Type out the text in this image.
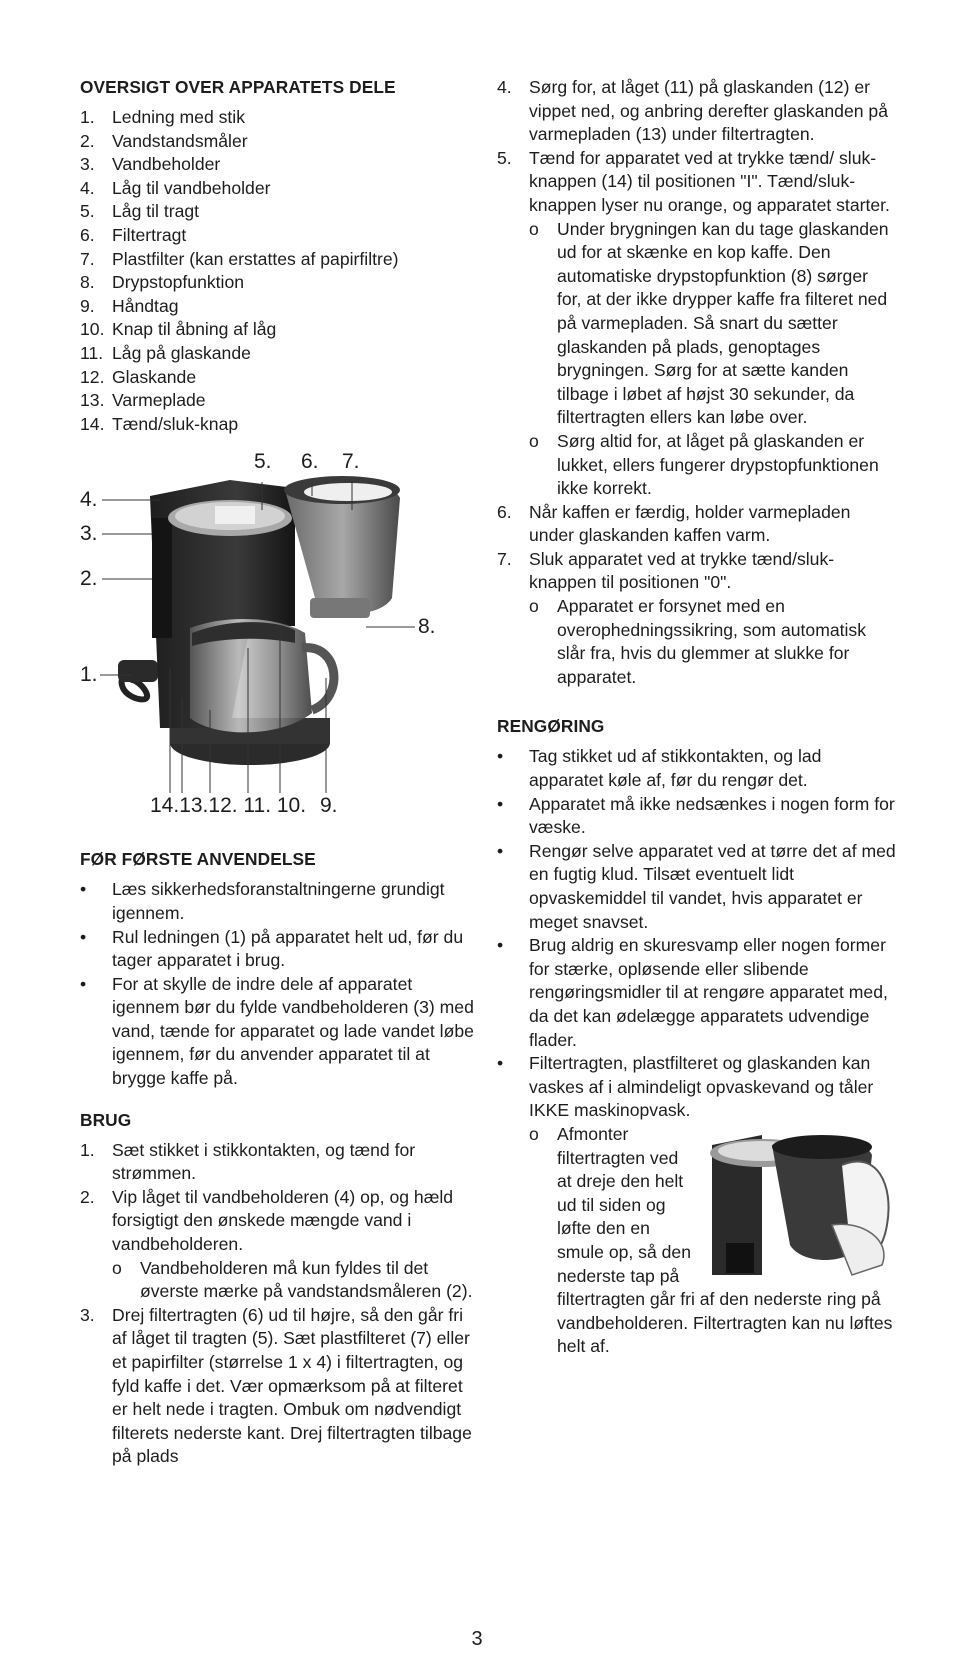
OVERSIGT OVER APPARATETS DELE
1. Ledning med stik
2. Vandstandsmåler
3. Vandbeholder
4. Låg til vandbeholder
5. Låg til tragt
6. Filtertragt
7. Plastfilter (kan erstattes af papirfiltre)
8. Drypstopfunktion
9. Håndtag
10. Knap til åbning af låg
11. Låg på glaskande
12. Glaskande
13. Varmeplade
14. Tænd/sluk-knap
5. 6. 7.
4.
3.
2.
8.
1.
14.13.12. 11. 10. 9.
FØR FØRSTE ANVENDELSE
• Læs sikkerhedsforanstaltningerne grundigt igennem.
• Rul ledningen (1) på apparatet helt ud, før du tager apparatet i brug.
• For at skylle de indre dele af apparatet igennem bør du fylde vandbeholderen (3) med vand, tænde for apparatet og lade vandet løbe igennem, før du anvender apparatet til at brygge kaffe på.
BRUG
1. Sæt stikket i stikkontakten, og tænd for strømmen.
2. Vip låget til vandbeholderen (4) op, og hæld forsigtigt den ønskede mængde vand i vandbeholderen.
o Vandbeholderen må kun fyldes til det øverste mærke på vandstandsmåleren (2).
3. Drej filtertragten (6) ud til højre, så den går fri af låget til tragten (5). Sæt plastfilteret (7) eller et papirfilter (størrelse 1 x 4) i filtertragten, og fyld kaffe i det. Vær opmærksom på at filteret er helt nede i tragten. Ombuk om nødvendigt filterets nederste kant. Drej filtertragten tilbage på plads
4. Sørg for, at låget (11) på glaskanden (12) er vippet ned, og anbring derefter glaskanden på varmepladen (13) under filtertragten.
5. Tænd for apparatet ved at trykke tænd/ sluk-knappen (14) til positionen "I". Tænd/sluk-knappen lyser nu orange, og apparatet starter.
o Under brygningen kan du tage glaskanden ud for at skænke en kop kaffe. Den automatiske drypstopfunktion (8) sørger for, at der ikke drypper kaffe fra filteret ned på varmepladen. Så snart du sætter glaskanden på plads, genoptages brygningen. Sørg for at sætte kanden tilbage i løbet af højst 30 sekunder, da filtertragten ellers kan løbe over.
o Sørg altid for, at låget på glaskanden er lukket, ellers fungerer drypstopfunktionen ikke korrekt.
6. Når kaffen er færdig, holder varmepladen under glaskanden kaffen varm.
7. Sluk apparatet ved at trykke tænd/sluk-knappen til positionen "0".
o Apparatet er forsynet med en overophedningssikring, som automatisk slår fra, hvis du glemmer at slukke for apparatet.
RENGØRING
• Tag stikket ud af stikkontakten, og lad apparatet køle af, før du rengør det.
• Apparatet må ikke nedsænkes i nogen form for væske.
• Rengør selve apparatet ved at tørre det af med en fugtig klud. Tilsæt eventuelt lidt opvaskemiddel til vandet, hvis apparatet er meget snavset.
• Brug aldrig en skuresvamp eller nogen former for stærke, opløsende eller slibende rengøringsmidler til at rengøre apparatet med, da det kan ødelægge apparatets udvendige flader.
• Filtertragten, plastfilteret og glaskanden kan vaskes af i almindeligt opvaskevand og tåler IKKE maskinopvask.
o Afmonter filtertragten ved at dreje den helt ud til siden og løfte den en smule op, så den nederste tap på filtertragten går fri af den nederste ring på vandbeholderen. Filtertragten kan nu løftes helt af.
3
